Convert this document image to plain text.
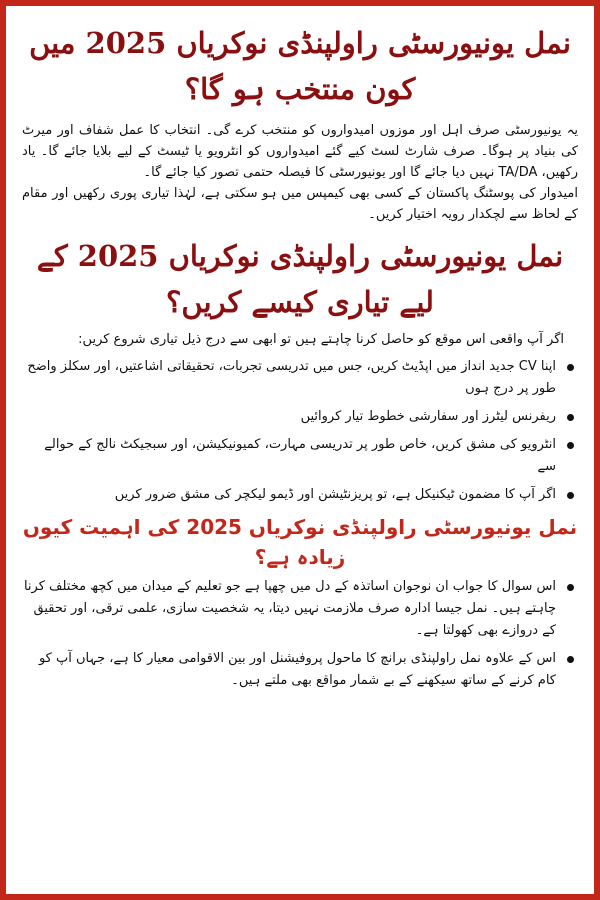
نمل یونیورسٹی راولپنڈی نوکریاں 2025 میں کون منتخب ہو گا؟

یہ یونیورسٹی صرف اہل اور موزوں امیدواروں کو منتخب کرے گی۔ انتخاب کا عمل شفاف اور میرٹ کی بنیاد پر ہوگا۔ صرف شارٹ لسٹ کیے گئے امیدواروں کو انٹرویو یا ٹیسٹ کے لیے بلایا جائے گا۔ یاد رکھیں، TA/DA نہیں دیا جائے گا اور یونیورسٹی کا فیصلہ حتمی تصور کیا جائے گا۔

امیدوار کی پوسٹنگ پاکستان کے کسی بھی کیمپس میں ہو سکتی ہے، لہٰذا تیاری پوری رکھیں اور مقام کے لحاظ سے لچکدار رویہ اختیار کریں۔

نمل یونیورسٹی راولپنڈی نوکریاں 2025 کے لیے تیاری کیسے کریں؟

اگر آپ واقعی اس موقع کو حاصل کرنا چاہتے ہیں تو ابھی سے درج ذیل تیاری شروع کریں:

اپنا CV جدید انداز میں اپڈیٹ کریں، جس میں تدریسی تجربات، تحقیقاتی اشاعتیں، اور سکلز واضح طور پر درج ہوں
ریفرنس لیٹرز اور سفارشی خطوط تیار کروائیں
انٹرویو کی مشق کریں، خاص طور پر تدریسی مہارت، کمیونیکیشن، اور سبجیکٹ نالج کے حوالے سے
اگر آپ کا مضمون ٹیکنیکل ہے، تو پریزنٹیشن اور ڈیمو لیکچر کی مشق ضرور کریں
نمل یونیورسٹی راولپنڈی نوکریاں 2025 کی اہمیت کیوں زیادہ ہے؟
اس سوال کا جواب ان نوجوان اساتذہ کے دل میں چھپا ہے جو تعلیم کے میدان میں کچھ مختلف کرنا چاہتے ہیں۔ نمل جیسا ادارہ صرف ملازمت نہیں دیتا، یہ شخصیت سازی، علمی ترقی، اور تحقیق کے دروازے بھی کھولتا ہے۔
اس کے علاوہ نمل راولپنڈی برانچ کا ماحول پروفیشنل اور بین الاقوامی معیار کا ہے، جہاں آپ کو کام کرنے کے ساتھ سیکھنے کے بے شمار مواقع بھی ملتے ہیں۔
